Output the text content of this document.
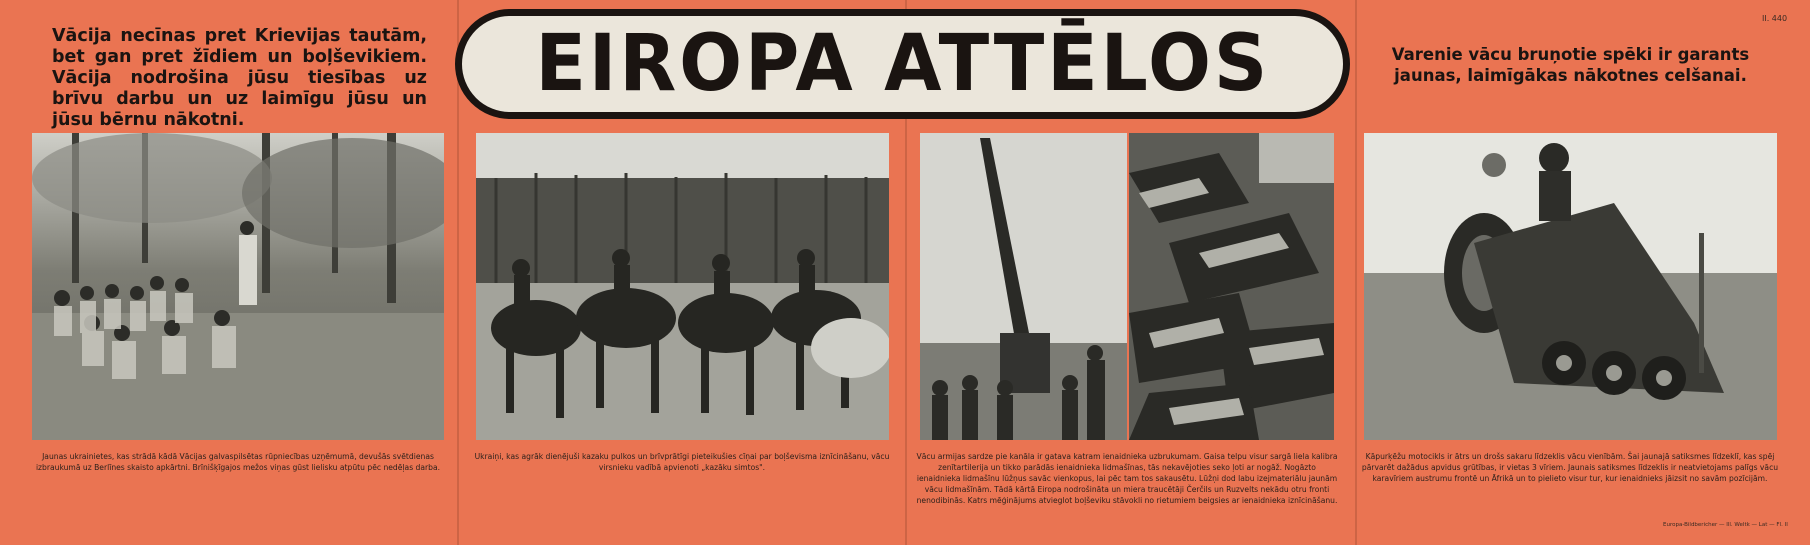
Vācija necīnas pret Krievijas tautām, bet gan pret žīdiem un boļševikiem. Vācija nodrošina jūsu tiesības uz brīvu darbu un uz laimīgu jūsu un jūsu bērnu nākotni.
EIROPA ATTĒLOS	Varenie vācu bruņotie spēki ir garants jaunas, laimīgākas nākotnes celšanai.
II. 440
Jaunas ukrainietes, kas strādā kādā Vācijas galvaspilsētas rūpniecības uzņēmumā, devušās svētdienas izbraukumā uz Berlīnes skaisto apkārtni. Brīnišķīgajos mežos viņas gūst lielisku atpūtu pēc nedēļas darba.
Ukraiņi, kas agrāk dienējuši kazaku pulkos un brīvprātīgi pieteikušies cīņai par boļševisma iznīcināšanu, vācu virsnieku vadībā apvienoti „kazāku simtos".
Vācu armijas sardze pie kanāla ir gatava katram ienaidnieka uzbrukumam. Gaisa telpu visur sargā liela kalibra zenītartilerija un tikko parādās ienaidnieka lidmašīnas, tās nekavējoties seko ļoti ar nogāž. Nogāzto ienaidnieka lidmašīnu lūžņus savāc vienkopus, lai pēc tam tos sakausētu. Lūžņi dod labu izejmateriālu jaunām vācu lidmašīnām. Tādā kārtā Eiropa nodrošināta un miera traucētāji Čerčils un Ruzvelts nekādu otru fronti nenodibinās. Katrs mēģinājums atvieglot boļševiku stāvokli no rietumiem beigsies ar ienaidnieka iznīcināšanu.
Kāpurķēžu motocikls ir ātrs un drošs sakaru līdzeklis vācu vienībām. Šai jaunajā satiksmes līdzeklī, kas spēj pārvarēt dažādus apvidus grūtības, ir vietas 3 vīriem. Jaunais satiksmes līdzeklis ir neatvietojams palīgs vācu karavīriem austrumu frontē un Āfrikā un to pielieto visur tur, kur ienaidnieks jāizsit no savām pozīcijām.
Europa-Bildbericher — Ill. Weltk — Lat — Fl. II
